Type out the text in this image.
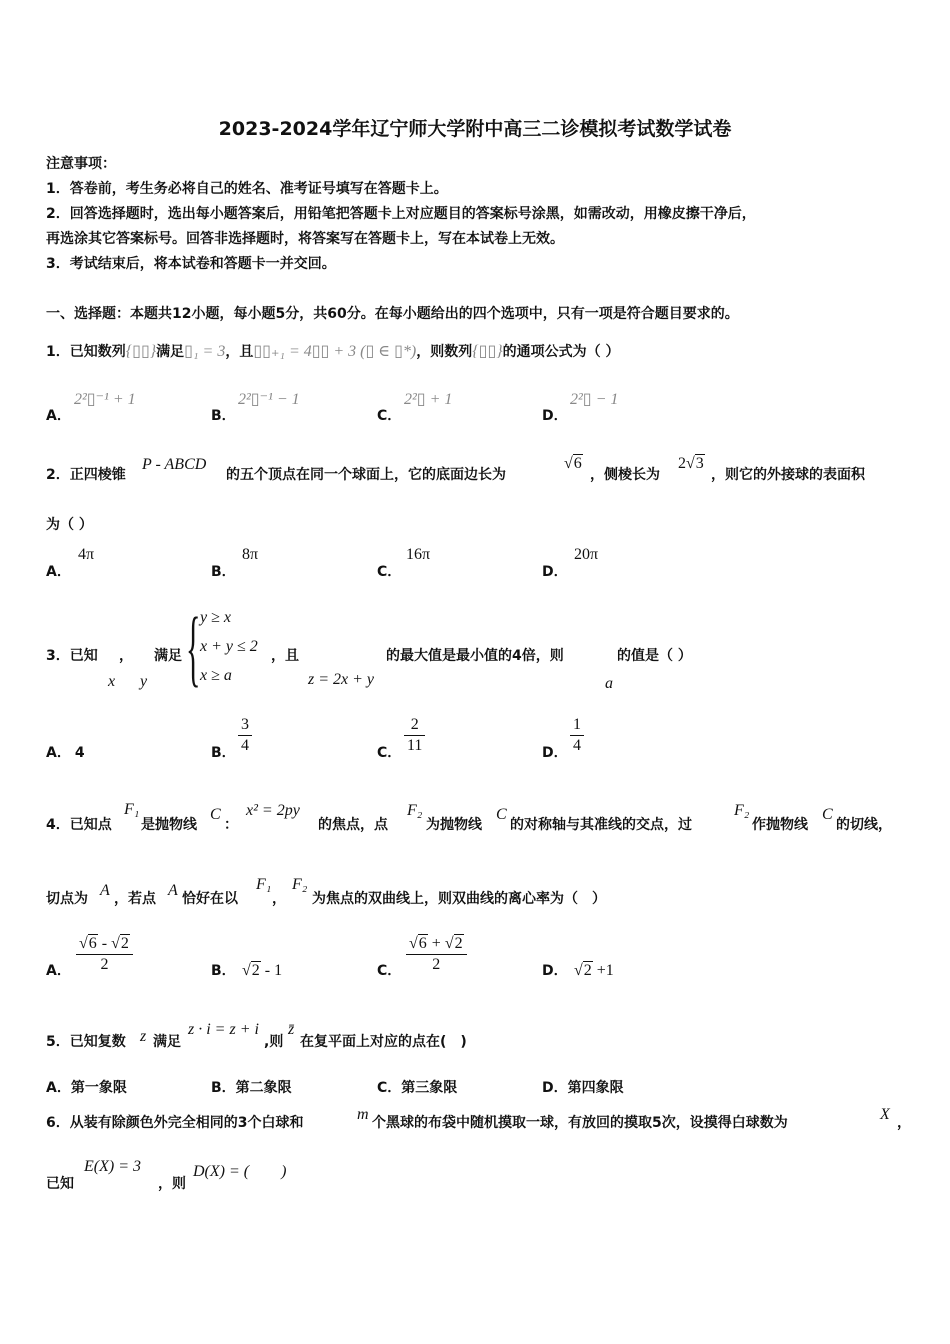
2023-2024学年辽宁师大学附中高三二诊模拟考试数学试卷
注意事项：
1．答卷前，考生务必将自己的姓名、准考证号填写在答题卡上。
2．回答选择题时，选出每小题答案后，用铅笔把答题卡上对应题目的答案标号涂黑，如需改动，用橡皮擦干净后，
再选涂其它答案标号。回答非选择题时，将答案写在答题卡上，写在本试卷上无效。
3．考试结束后，将本试卷和答题卡一并交回。
一、选择题：本题共12小题，每小题5分，共60分。在每小题给出的四个选项中，只有一项是符合题目要求的。
1．已知数列{▯▯}满足▯₁ = 3，且▯▯₊₁ = 4▯▯ + 3 (▯ ∈ ▯*)，则数列{▯▯}的通项公式为（ ）
A．
2²▯⁻¹ + 1
B．
2²▯⁻¹ − 1
C．
2²▯ + 1
D．
2²▯ − 1
2．正四棱锥
P - ABCD
的五个顶点在同一个球面上，它的底面边长为
√6
，侧棱长为
2√3
，则它的外接球的表面积
为（ ）
A．
4π
B．
8π
C．
16π
D．
20π
3．已知 ， 满足
x y { y ≥ x
x + y ≤ 2
x ≥ a
，且
z = 2x + y
的最大值是最小值的4倍，则
a
的值是（ ）
A． 4	B． $\frac{3}{4}$	C． $\frac{2}{11}$	D． $\frac{1}{4}$
4．已知点
F₁
是抛物线
C
：
x² = 2py
的焦点，点
F₂
为抛物线
C
的对称轴与其准线的交点，过
F₂
作抛物线
C
的切线，
切点为 A ，若点 A 恰好在以
F₁
，
F₂
为焦点的双曲线上，则双曲线的离心率为（　）
A． $\frac{√6 - √2}{2}$	B． √2 - 1	C． $\frac{√6 + √2}{2}$	D． √2 +1
5．已知复数 z 满足
z · i = z + i
,则
z̄
在复平面上对应的点在(　)
A．第一象限	B．第二象限	C．第三象限	D．第四象限
6．从装有除颜色外完全相同的3个白球和	m 个黑球的布袋中随机摸取一球，有放回的摸取5次，设摸得白球数为	X ，
已知
E(X) = 3
，则
D(X) = (　　)
